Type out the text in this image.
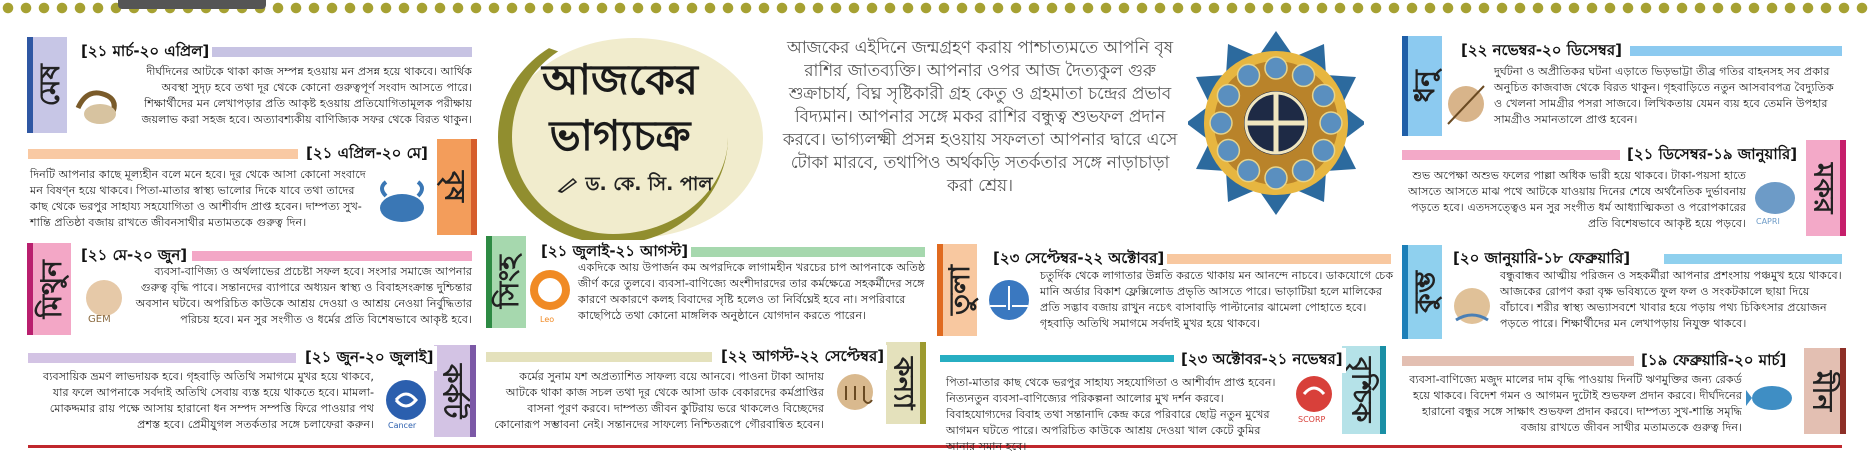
আজকের
ভাগ্যচক্র
ড. কে. সি. পাল
আজকের এইদিনে জন্মগ্রহণ করায় পাশ্চাত্যমতে আপনি বৃষ রাশির জাতব্যক্তি। আপনার ওপর আজ দৈত্যকুল গুরু শুক্রাচার্য, বিঘ্ন সৃষ্টিকারী গ্রহ কেতু ও গ্রহমাতা চন্দ্রের প্রভাব বিদ্যমান। আপনার সঙ্গে মকর রাশির বন্ধুত্ব শুভফল প্রদান করবে। ভাগ্যলক্ষ্মী প্রসন্ন হওয়ায় সফলতা আপনার দ্বারে এসে টোকা মারবে, তথাপিও অর্থকড়ি সতর্কতার সঙ্গে নাড়াচাড়া করা শ্রেয়।
মেষ
[২১ মার্চ-২০ এপ্রিল]
দীর্ঘদিনের আটকে থাকা কাজ সম্পন্ন হওয়ায় মন প্রসন্ন হয়ে থাকবে। আর্থিক অবস্থা সুদৃঢ় হবে তথা দূর থেকে কোনো গুরুত্বপূর্ণ সংবাদ আসতে পারে। শিক্ষার্থীদের মন লেখাপড়ার প্রতি আকৃষ্ট হওয়ায় প্রতিযোগিতামূলক পরীক্ষায় জয়লাভ করা সহজ হবে। অত্যাবশ্যকীয় বাণিজ্যিক সফর থেকে বিরত থাকুন।
বৃষ
[২১ এপ্রিল-২০ মে]
দিনটি আপনার কাছে মূল্যহীন বলে মনে হবে। দূর থেকে আসা কোনো সংবাদে মন বিষণ্ন হয়ে থাকবে। পিতা-মাতার স্বাস্থ্য ভালোর দিকে যাবে তথা তাদের কাছ থেকে ভরপুর সাহায্য সহযোগিতা ও আশীর্বাদ প্রাপ্ত হবেন। দাম্পত্য সুখ-শান্তি প্রতিষ্ঠা বজায় রাখতে জীবনসাথীর মতামতকে গুরুত্ব দিন।
মিথুন
[২১ মে-২০ জুন]
GEM
ব্যবসা-বাণিজ্য ও অর্থলাভের প্রচেষ্টা সফল হবে। সংসার সমাজে আপনার গুরুত্ব বৃদ্ধি পাবে। সন্তানদের ব্যাপারে অধ্যয়ন স্বাস্থ্য ও বিবাহসংক্রান্ত দুশ্চিন্তার অবসান ঘটবে। অপরিচিত কাউকে আশ্রয় দেওয়া ও আশ্রয় নেওয়া নির্বুদ্ধিতার পরিচয় হবে। মন সুর সংগীত ও ধর্মের প্রতি বিশেষভাবে আকৃষ্ট হবে।
কর্কট
[২১ জুন-২০ জুলাই]
Cancer
ব্যবসায়িক ভ্রমণ লাভদায়ক হবে। গৃহবাড়ি অতিথি সমাগমে মুখর হয়ে থাকবে, যার ফলে আপনাকে সর্বদাই অতিথি সেবায় ব্যস্ত হয়ে থাকতে হবে। মামলা-মোকদ্দমার রায় পক্ষে আসায় হারানো ধন সম্পদ সম্পত্তি ফিরে পাওয়ার পথ প্রশস্ত হবে। প্রেমীযুগল সতর্কতার সঙ্গে চলাফেরা করুন।
সিংহ
[২১ জুলাই-২১ আগস্ট]
Leo
একদিকে আয় উপার্জন কম অপরদিকে লাগামহীন খরচের চাপ আপনাকে অতিষ্ঠ জীর্ণ করে তুলবে। ব্যবসা-বাণিজ্যে অংশীদারদের তার কর্মক্ষেত্রে সহকর্মীদের সঙ্গে কারণে অকারণে কলহ বিবাদের সৃষ্টি হলেও তা নির্বিঘ্নেই হবে না। সপরিবারে কাছেপিঠে তথা কোনো মাঙ্গলিক অনুষ্ঠানে যোগদান করতে পারেন।
কন্যা
[২২ আগস্ট-২২ সেপ্টেম্বর]
কর্মের সুনাম যশ অপ্রত্যাশিত সাফল্য বয়ে আনবে। পাওনা টাকা আদায় আটকে থাকা কাজ সচল তথা দূর থেকে আসা ডাক বেকারদের কর্মপ্রাপ্তির বাসনা পূরণ করবে। দাম্পত্য জীবন কুটিরায় ভরে থাকলেও বিচ্ছেদের কোনোরূপ সম্ভাবনা নেই। সন্তানদের সাফল্যে নিশ্চিতরূপে গৌরবান্বিত হবেন।
তুলা
[২৩ সেপ্টেম্বর-২২ অক্টোবর]
চতুর্দিক থেকে লাগাতার উন্নতি করতে থাকায় মন আনন্দে নাচবে। ডাকযোগে চেক মানি অর্ডার বিকাশ ফ্লেক্সিলোড প্রভৃতি আসতে পারে। ভাড়াটিয়া হলে মালিকের প্রতি সদ্ভাব বজায় রাখুন নচেৎ বাসাবাড়ি পাল্টানোর ঝামেলা পোহাতে হবে। গৃহবাড়ি অতিথি সমাগমে সর্বদাই মুখর হয়ে থাকবে।
বৃশ্চিক
[২৩ অক্টোবর-২১ নভেম্বর]
SCORP
পিতা-মাতার কাছ থেকে ভরপুর সাহায্য সহযোগিতা ও আশীর্বাদ প্রাপ্ত হবেন। নিত্যনতুন ব্যবসা-বাণিজ্যের পরিকল্পনা আলোর মুখ দর্শন করবে। বিবাহযোগ্যদের বিবাহ তথা সন্তানাদি কেন্দ্র করে পরিবারে ছোট্ট নতুন মুখের আগমন ঘটতে পারে। অপরিচিত কাউকে আশ্রয় দেওয়া খাল কেটে কুমির আনার সমান হবে।
ধনু
[২২ নভেম্বর-২০ ডিসেম্বর]
দুর্ঘটনা ও অপ্রীতিকর ঘটনা এড়াতে ভিড়ভাট্টা তীব্র গতির বাহনসহ সব প্রকার অনুচিত কাজবাজ থেকে বিরত থাকুন। গৃহবাড়িতে নতুন আসবাবপত্র বৈদ্যুতিক ও খেলনা সামগ্রীর পসরা সাজবে। লিখিকতায় যেমন ব্যয় হবে তেমনি উপহার সামগ্রীও সমানতালে প্রাপ্ত হবেন।
মকর
[২১ ডিসেম্বর-১৯ জানুয়ারি]
CAPRI
শুভ অপেক্ষা অশুভ ফলের পাল্লা অধিক ভারী হয়ে থাকবে। টাকা-পয়সা হাতে আসতে আসতে মাঝ পথে আটকে যাওয়ায় দিনের শেষে অর্থনৈতিক দুর্ভাবনায় পড়তে হবে। এতদসত্ত্বেও মন সুর সংগীত ধর্ম আধ্যাত্মিকতা ও পরোপকারের প্রতি বিশেষভাবে আকৃষ্ট হয়ে পড়বে।
কুম্ভ
[২০ জানুয়ারি-১৮ ফেব্রুয়ারি]
বন্ধুবান্ধব আত্মীয় পরিজন ও সহকর্মীরা আপনার প্রশংসায় পঞ্চমুখ হয়ে থাকবে। আজকের রোপণ করা বৃক্ষ ভবিষ্যতে ফুল ফল ও সংকটকালে ছায়া দিয়ে বাঁচাবে। শরীর স্বাস্থ্য অভ্যাসবশে খাবার হয়ে পড়ায় পথ্য চিকিৎসার প্রয়োজন পড়তে পারে। শিক্ষার্থীদের মন লেখাপড়ায় নিযুক্ত থাকবে।
মীন
[১৯ ফেব্রুয়ারি-২০ মার্চ]
ব্যবসা-বাণিজ্যে মজুদ মালের দাম বৃদ্ধি পাওয়ায় দিনটি ঋণমুক্তির জন্য রেকর্ড হয়ে থাকবে। বিদেশ গমন ও আগমন দুটোই শুভফল প্রদান করবে। দীর্ঘদিনের হারানো বন্ধুর সঙ্গে সাক্ষাৎ শুভফল প্রদান করবে। দাম্পত্য সুখ-শান্তি সমৃদ্ধি বজায় রাখতে জীবন সাথীর মতামতকে গুরুত্ব দিন।
